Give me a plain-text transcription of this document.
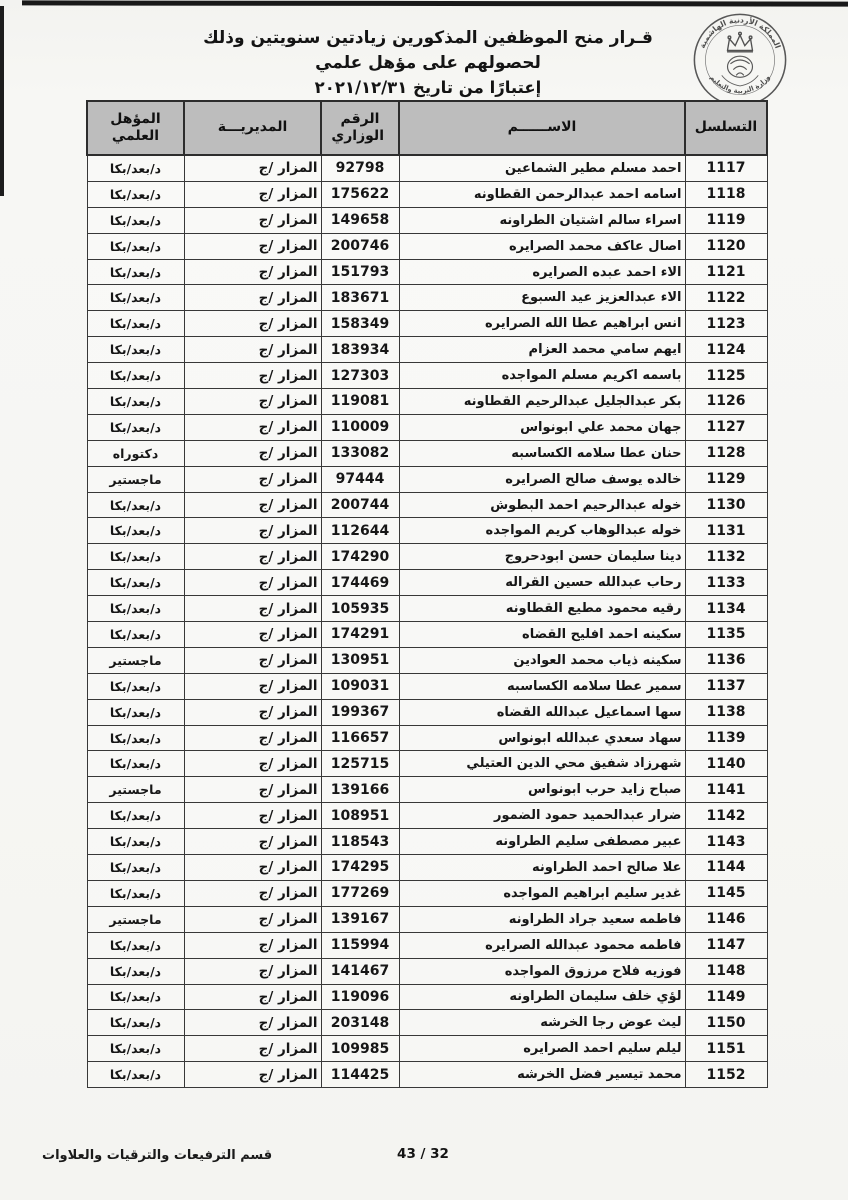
المملكة الأردنية الهاشمية
وزارة التربية والتعليم
قـرار منح الموظفين المذكورين زيادتين سنويتين وذلك لحصولهم على مؤهل علمي
إعتبارًا من تاريخ ٢٠٢١/١٢/٣١
التسلسل	الاســــــم	الرقم الوزاري	المديريـــة	المؤهل العلمي
1117	احمد مسلم مطير الشماعين	92798	المزار /ج	د/بعد/بكا
1118	اسامه احمد عبدالرحمن القطاونه	175622	المزار /ج	د/بعد/بكا
1119	اسراء سالم اشتيان الطراونه	149658	المزار /ج	د/بعد/بكا
1120	اصال عاكف محمد الصرايره	200746	المزار /ج	د/بعد/بكا
1121	الاء احمد عبده الصرايره	151793	المزار /ج	د/بعد/بكا
1122	الاء عبدالعزيز عيد السبوع	183671	المزار /ج	د/بعد/بكا
1123	انس ابراهيم عطا الله الصرايره	158349	المزار /ج	د/بعد/بكا
1124	ايهم سامي محمد العزام	183934	المزار /ج	د/بعد/بكا
1125	باسمه اكريم مسلم المواجده	127303	المزار /ج	د/بعد/بكا
1126	بكر عبدالجليل عبدالرحيم القطاونه	119081	المزار /ج	د/بعد/بكا
1127	جهان محمد علي ابونواس	110009	المزار /ج	د/بعد/بكا
1128	حنان عطا سلامه الكساسبه	133082	المزار /ج	دكتوراه
1129	خالده يوسف صالح الصرايره	97444	المزار /ج	ماجستير
1130	خوله عبدالرحيم احمد البطوش	200744	المزار /ج	د/بعد/بكا
1131	خوله عبدالوهاب كريم المواجده	112644	المزار /ج	د/بعد/بكا
1132	دينا سليمان حسن ابودحروج	174290	المزار /ج	د/بعد/بكا
1133	رحاب عبدالله حسين القراله	174469	المزار /ج	د/بعد/بكا
1134	رقيه محمود مطيع القطاونه	105935	المزار /ج	د/بعد/بكا
1135	سكينه احمد افليح القضاه	174291	المزار /ج	د/بعد/بكا
1136	سكينه ذياب محمد العوادين	130951	المزار /ج	ماجستير
1137	سمير عطا سلامه الكساسبه	109031	المزار /ج	د/بعد/بكا
1138	سها اسماعيل عبدالله القضاه	199367	المزار /ج	د/بعد/بكا
1139	سهاد سعدي عبدالله ابونواس	116657	المزار /ج	د/بعد/بكا
1140	شهرزاد شفيق محي الدين العتيلي	125715	المزار /ج	د/بعد/بكا
1141	صباح زايد حرب ابونواس	139166	المزار /ج	ماجستير
1142	ضرار عبدالحميد حمود الضمور	108951	المزار /ج	د/بعد/بكا
1143	عبير مصطفى سليم الطراونه	118543	المزار /ج	د/بعد/بكا
1144	علا صالح احمد الطراونه	174295	المزار /ج	د/بعد/بكا
1145	غدير سليم ابراهيم المواجده	177269	المزار /ج	د/بعد/بكا
1146	فاطمه سعيد جراد الطراونه	139167	المزار /ج	ماجستير
1147	فاطمه محمود عبدالله الصرايره	115994	المزار /ج	د/بعد/بكا
1148	فوزيه فلاح مرزوق المواجده	141467	المزار /ج	د/بعد/بكا
1149	لؤي خلف سليمان الطراونه	119096	المزار /ج	د/بعد/بكا
1150	ليث عوض رجا الخرشه	203148	المزار /ج	د/بعد/بكا
1151	ليلم سليم احمد الصرايره	109985	المزار /ج	د/بعد/بكا
1152	محمد تيسير فضل الخرشه	114425	المزار /ج	د/بعد/بكا
قسم الترفيعات والترقيات والعلاوات	43 / 32
